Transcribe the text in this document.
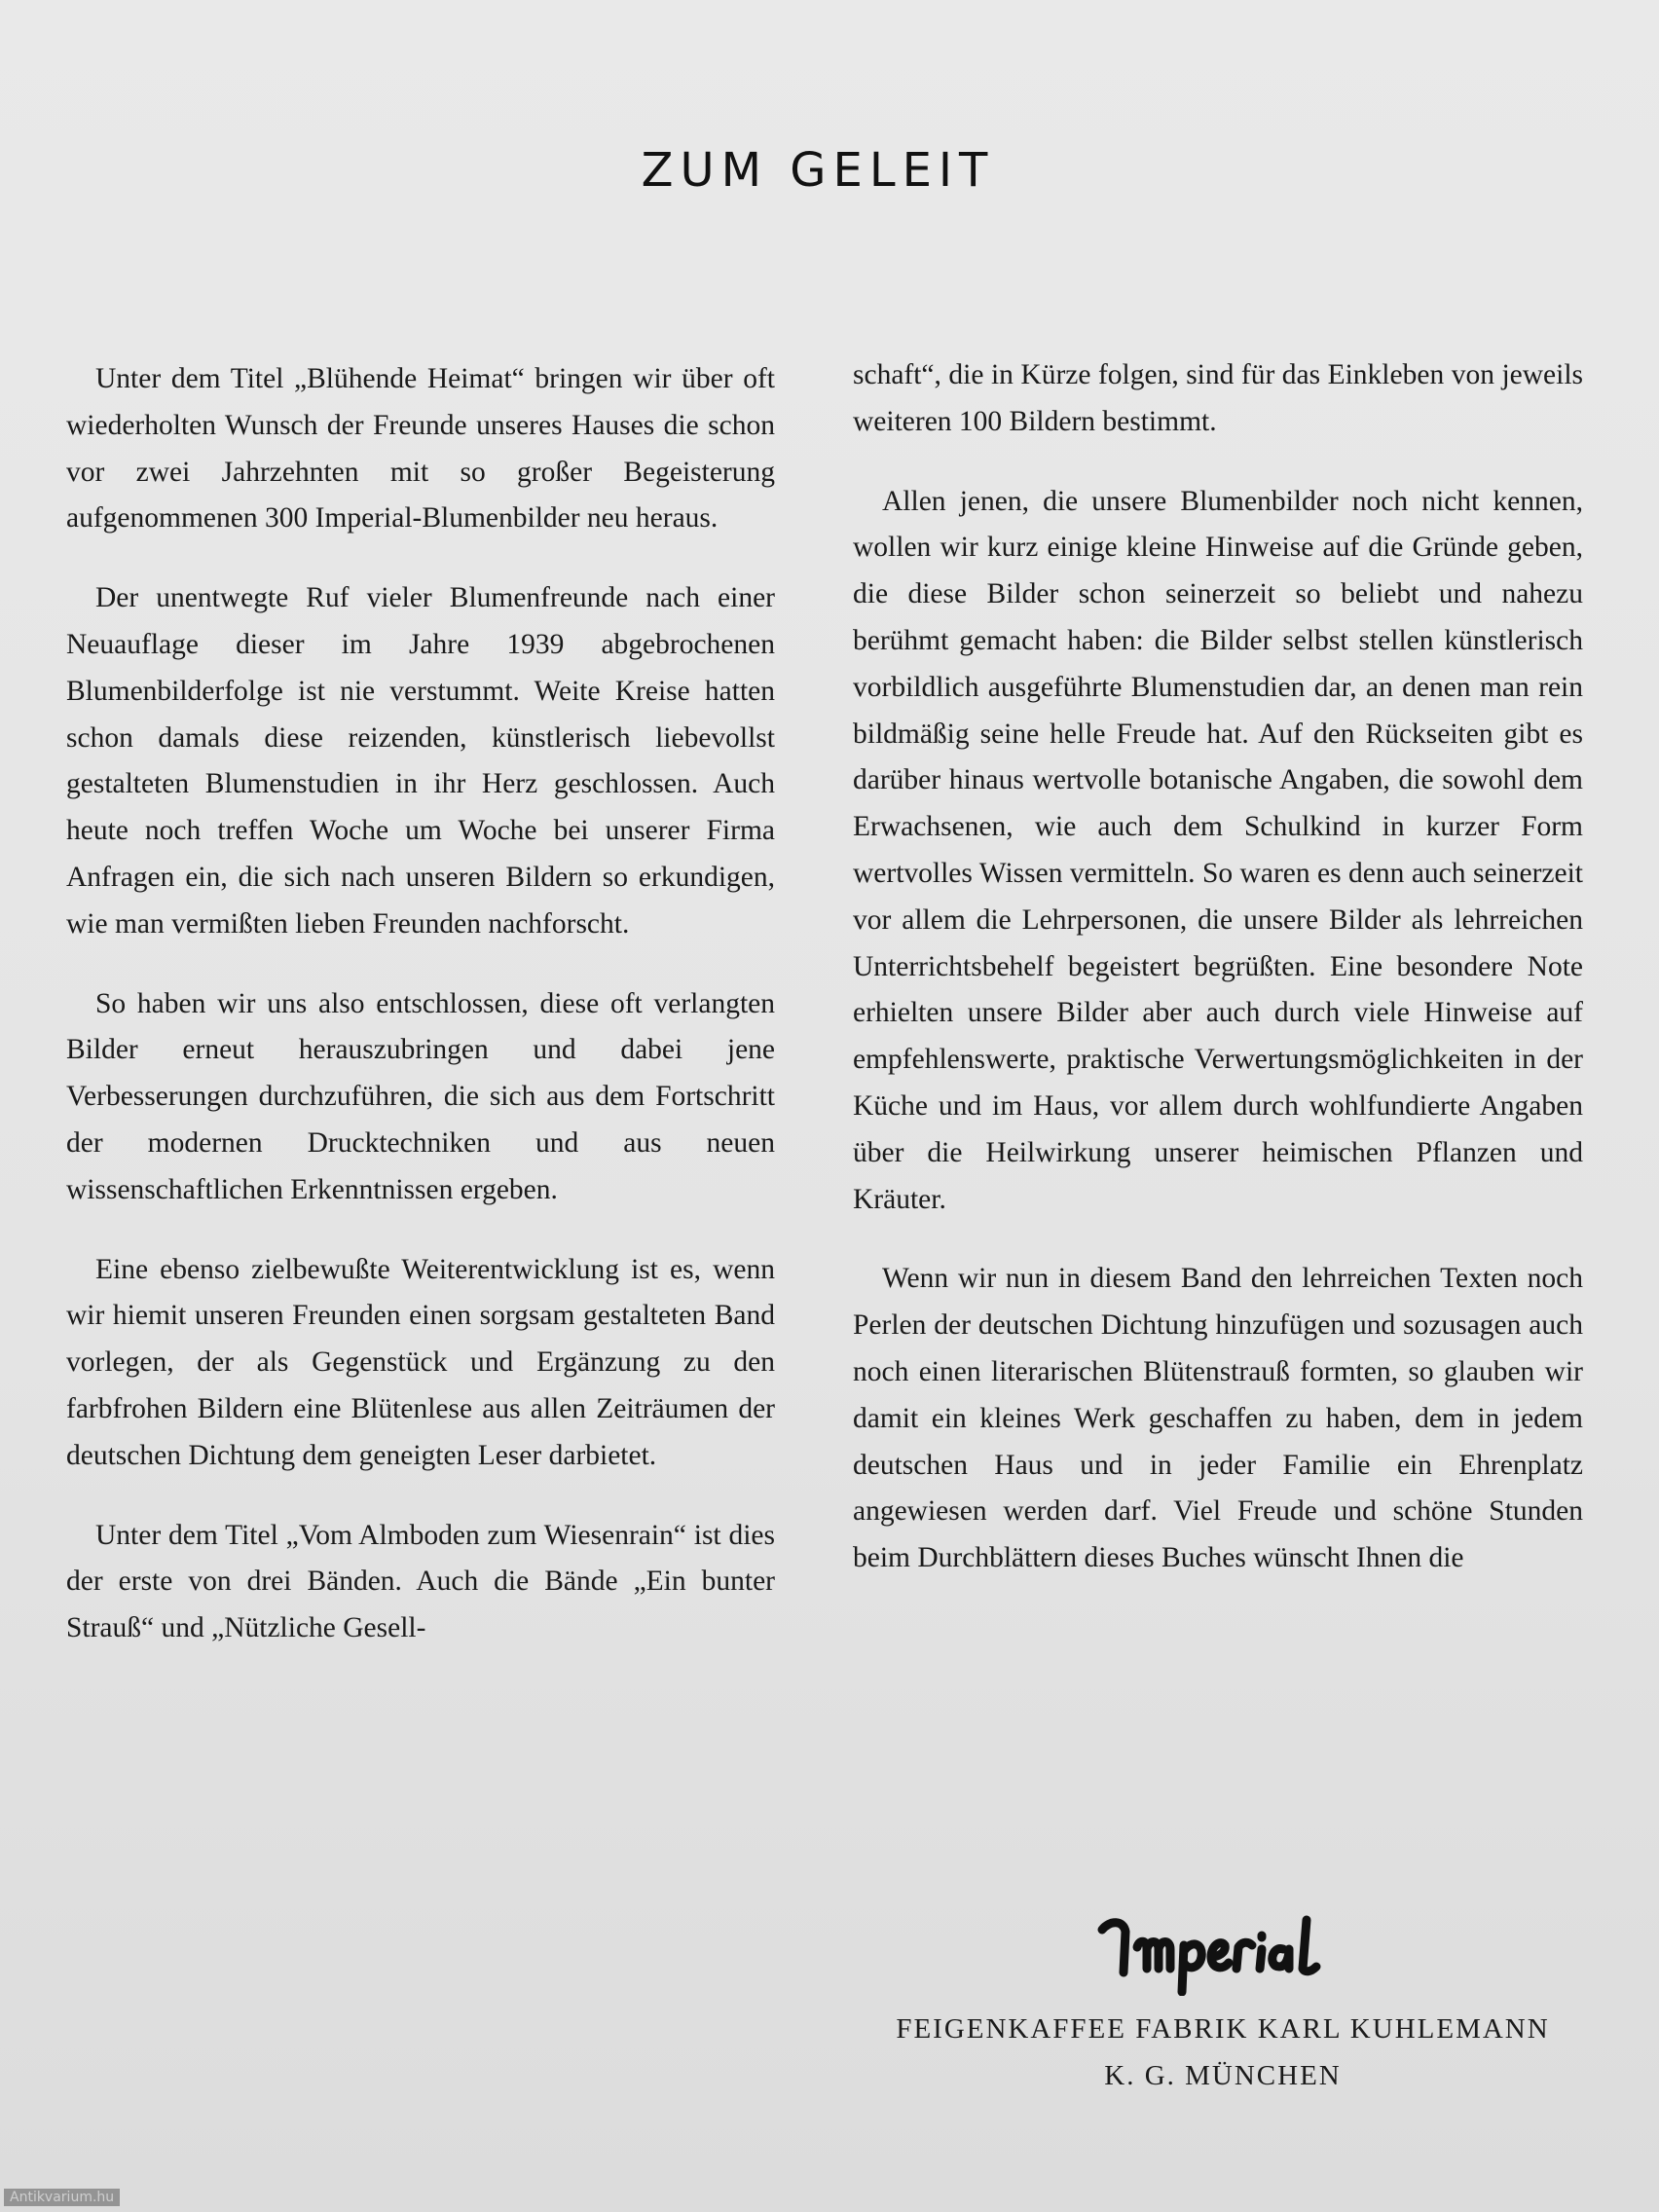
ZUM GELEIT

Unter dem Titel „Blühende Heimat“ bringen wir über oft wiederholten Wunsch der Freunde unseres Hauses die schon vor zwei Jahrzehnten mit so großer Begeisterung aufgenommenen 300 Imperial-Blumenbilder neu heraus.

Der unentwegte Ruf vieler Blumenfreunde nach einer Neuauflage dieser im Jahre 1939 abgebrochenen Blumenbilderfolge ist nie verstummt. Weite Kreise hatten schon damals diese reizenden, künstlerisch liebevollst gestalteten Blumenstudien in ihr Herz geschlossen. Auch heute noch treffen Woche um Woche bei unserer Firma Anfragen ein, die sich nach unseren Bildern so erkundigen, wie man vermißten lieben Freunden nachforscht.

So haben wir uns also entschlossen, diese oft verlangten Bilder erneut herauszubringen und dabei jene Verbesserungen durchzuführen, die sich aus dem Fortschritt der modernen Drucktechniken und aus neuen wissenschaftlichen Erkenntnissen ergeben.

Eine ebenso zielbewußte Weiterentwicklung ist es, wenn wir hiemit unseren Freunden einen sorgsam gestalteten Band vorlegen, der als Gegenstück und Ergänzung zu den farbfrohen Bildern eine Blütenlese aus allen Zeiträumen der deutschen Dichtung dem geneigten Leser darbietet.

Unter dem Titel „Vom Almboden zum Wiesenrain“ ist dies der erste von drei Bänden. Auch die Bände „Ein bunter Strauß“ und „Nützliche Gesell-

schaft“, die in Kürze folgen, sind für das Einkleben von jeweils weiteren 100 Bildern bestimmt.

Allen jenen, die unsere Blumenbilder noch nicht kennen, wollen wir kurz einige kleine Hinweise auf die Gründe geben, die diese Bilder schon seinerzeit so beliebt und nahezu berühmt gemacht haben: die Bilder selbst stellen künstlerisch vorbildlich ausgeführte Blumenstudien dar, an denen man rein bildmäßig seine helle Freude hat. Auf den Rückseiten gibt es darüber hinaus wertvolle botanische Angaben, die sowohl dem Erwachsenen, wie auch dem Schulkind in kurzer Form wertvolles Wissen vermitteln. So waren es denn auch seinerzeit vor allem die Lehrpersonen, die unsere Bilder als lehrreichen Unterrichtsbehelf begeistert begrüßten. Eine besondere Note erhielten unsere Bilder aber auch durch viele Hinweise auf empfehlenswerte, praktische Verwertungsmöglichkeiten in der Küche und im Haus, vor allem durch wohlfundierte Angaben über die Heilwirkung unserer heimischen Pflanzen und Kräuter.

Wenn wir nun in diesem Band den lehrreichen Texten noch Perlen der deutschen Dichtung hinzufügen und sozusagen auch noch einen literarischen Blütenstrauß formten, so glauben wir damit ein kleines Werk geschaffen zu haben, dem in jedem deutschen Haus und in jeder Familie ein Ehrenplatz angewiesen werden darf. Viel Freude und schöne Stunden beim Durchblättern dieses Buches wünscht Ihnen die

FEIGENKAFFEE FABRIK KARL KUHLEMANN
K. G. MÜNCHEN
Antikvarium.hu
